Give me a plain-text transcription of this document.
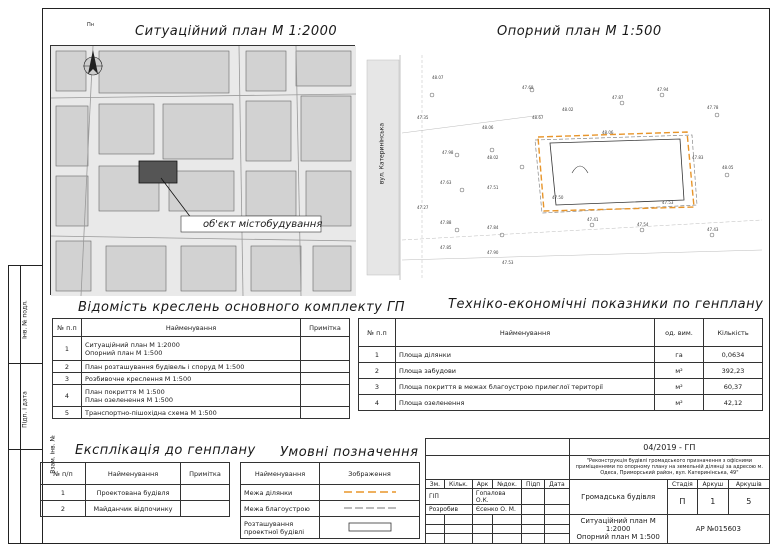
Взам. інв. №
Підп. і дата
Інв. № подл.
Ситуаційний план М 1:2000
Пн
об'єкт містобудування
Опорний план М 1:500
вул. Катеринінська
48.07
48.06
47.98
48.02
47.63
47.51
47.88
47.84
47.85
47.90
47.69
47.87
47.94
47.78
48.05
47.43
47.41
47.54
47.53
47.50
47.53
47.35
47.83
47.27
48.67
48.02
48.06
Відомість креслень основного комплекту ГП
№ п.п	Найменування	Примітка
1	Ситуаційний план М 1:2000
Опорний план М 1:500	
2	План розташування будівель і споруд М 1:500	
3	Розбивочне креслення М 1:500	
4	План покриття М 1:500
План озеленення М 1:500	
5	Транспортно-пішохідна схема М 1:500	
Техніко-економічні показники по генплану
№ п.п	Найменування	од. вим.	Кількість
1	Площа ділянки	га	0,0634
2	Площа забудови	м²	392,23
3	Площа покриття в межах благоустрою прилеглої території	м²	60,37
4	Площа озеленення	м²	42,12
Експлікація до генплану
№ п/п	Найменування	Примітка
1	Проектована будівля	
2	Майданчик відпочинку	
Умовні позначення
Найменування	Зображення
Межа ділянки	
Межа благоустрою	
Розташування проектної будівлі	
						04/2019 - ГП			
						"Реконструкція будівлі громадського призначення з офісними приміщеннями по опорному плану на земельній ділянці за адресою м. Одеса, Приморський район, вул. Катеринінська, 49"			
Зм.	Кільк.	Арк	№док.	Підп	Дата	Громадська будівля	Стадія	Аркуш	Аркушів
ГІП		Гопалова О.К.					П	1	5
Розробив		Єсенко О. М.							
						Ситуаційний план М 1:2000
Опорний план М 1:500	АР №015603		
